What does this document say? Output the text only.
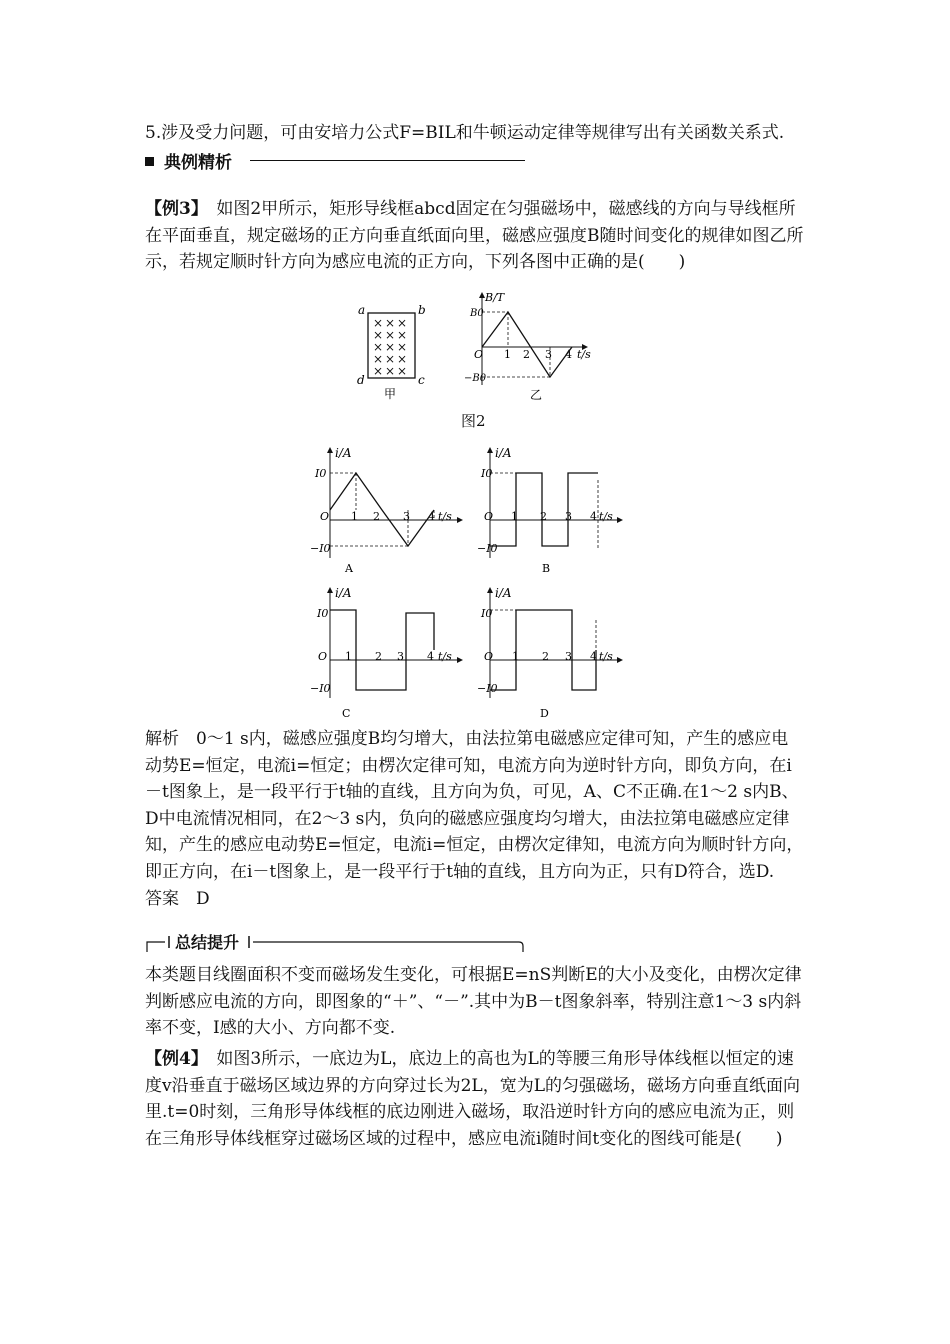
5.涉及受力问题，可由安培力公式F=BIL和牛顿运动定律等规律写出有关函数关系式.

典例精析

【例3】　 如图2甲所示，矩形导线框abcd固定在匀强磁场中，磁感线的方向与导线框所在平面垂直，规定磁场的正方向垂直纸面向里，磁感应强度B随时间变化的规律如图乙所示，若规定顺时针方向为感应电流的正方向，下列各图中正确的是(　　)

× × ×
× × ×
× × ×
× × ×
× × ×
a	b
c
d
甲
B/T
O
B0
−B0
1 2 3 4 t/s
乙
图2
i/A
O
I0
−I0
1 2 3 4 t/s
A
i/A
O
I0
−I0
1 2 3 4 t/s
B
i/A
O
I0
−I0
1 2 3 4 t/s
C
i/A
O
I0
−I0
1 2 3 4 t/s
D

解析　 0～1 s内，磁感应强度B均匀增大，由法拉第电磁感应定律可知，产生的感应电动势E=恒定，电流i=恒定；由楞次定律可知，电流方向为逆时针方向，即负方向，在i－t图象上，是一段平行于t轴的直线，且方向为负，可见，A、C不正确.在1～2 s内B、D中电流情况相同，在2～3 s内，负向的磁感应强度均匀增大，由法拉第电磁感应定律知，产生的感应电动势E=恒定，电流i=恒定，由楞次定律知，电流方向为顺时针方向，即正方向，在i－t图象上，是一段平行于t轴的直线，且方向为正，只有D符合，选D.

答案　 D

总结提升

本类题目线圈面积不变而磁场发生变化，可根据E=nS判断E的大小及变化，由楞次定律判断感应电流的方向，即图象的“＋”、“－”.其中为B－t图象斜率，特别注意1～3 s内斜率不变，I感的大小、方向都不变.

【例4】　 如图3所示，一底边为L，底边上的高也为L的等腰三角形导体线框以恒定的速度v沿垂直于磁场区域边界的方向穿过长为2L，宽为L的匀强磁场，磁场方向垂直纸面向里.t=0时刻，三角形导体线框的底边刚进入磁场，取沿逆时针方向的感应电流为正，则在三角形导体线框穿过磁场区域的过程中，感应电流i随时间t变化的图线可能是(　　)
